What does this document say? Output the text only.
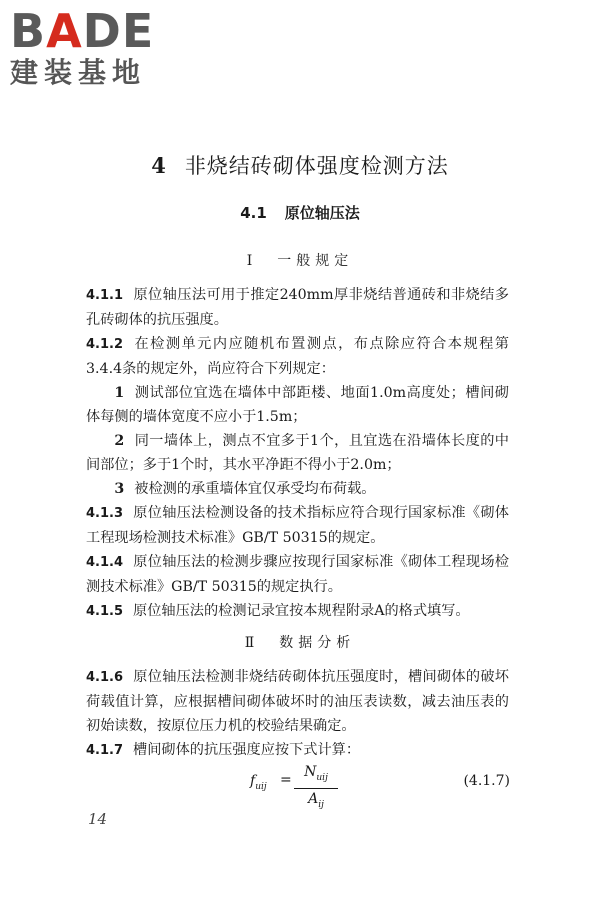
BADE
建装基地
4 非烧结砖砌体强度检测方法
4.1 原位轴压法
Ⅰ 一般规定

4.1.1 原位轴压法可用于推定240mm厚非烧结普通砖和非烧结多孔砖砌体的抗压强度。

4.1.2 在检测单元内应随机布置测点，布点除应符合本规程第3.4.4条的规定外，尚应符合下列规定：

1 测试部位宜选在墙体中部距楼、地面1.0m高度处；槽间砌体每侧的墙体宽度不应小于1.5m；

2 同一墙体上，测点不宜多于1个，且宜选在沿墙体长度的中间部位；多于1个时，其水平净距不得小于2.0m；

3 被检测的承重墙体宜仅承受均布荷载。

4.1.3 原位轴压法检测设备的技术指标应符合现行国家标准《砌体工程现场检测技术标准》GB/T 50315的规定。

4.1.4 原位轴压法的检测步骤应按现行国家标准《砌体工程现场检测技术标准》GB/T 50315的规定执行。

4.1.5 原位轴压法的检测记录宜按本规程附录A的格式填写。

Ⅱ 数据分析

4.1.6 原位轴压法检测非烧结砖砌体抗压强度时，槽间砌体的破坏荷载值计算，应根据槽间砌体破坏时的油压表读数，减去油压表的初始读数，按原位压力机的校验结果确定。

4.1.7 槽间砌体的抗压强度应按下式计算：

$f_{uij} = N_{uij}$
$A_{ij}$
(4.1.7)
14
